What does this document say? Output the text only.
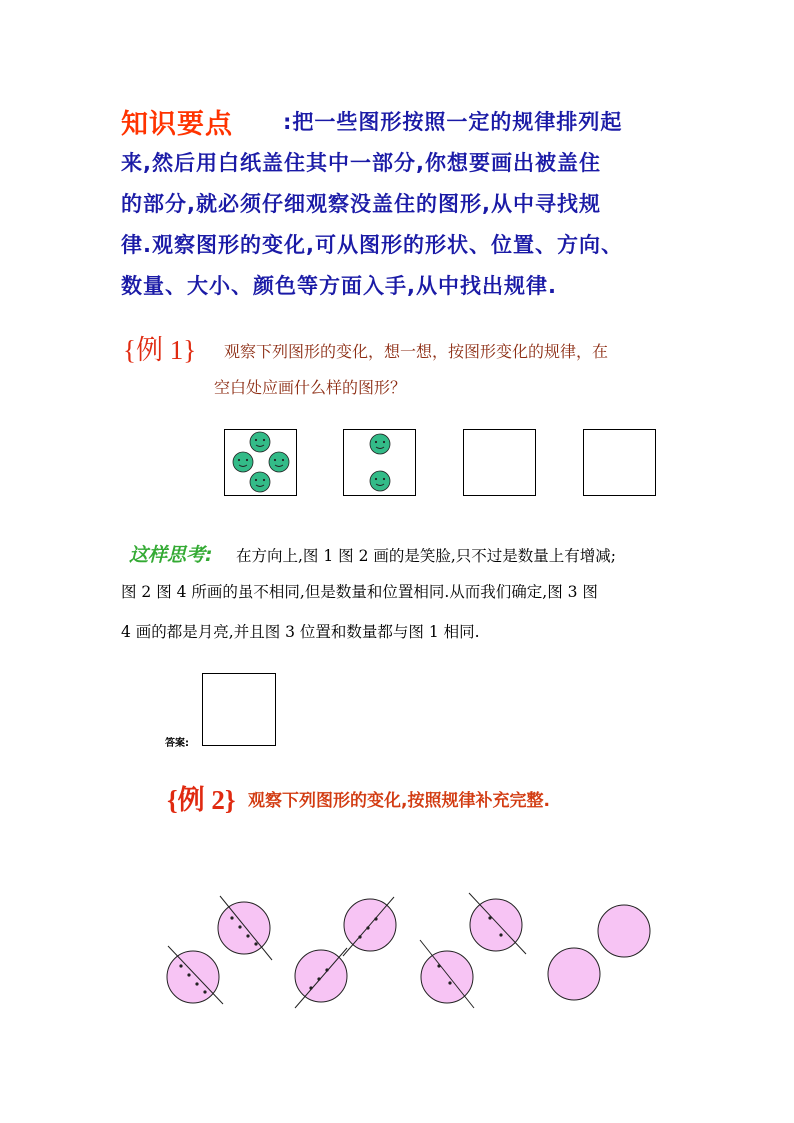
知识要点 :把一些图形按照一定的规律排列起
来,然后用白纸盖住其中一部分,你想要画出被盖住
的部分,就必须仔细观察没盖住的图形,从中寻找规
律.观察图形的变化,可从图形的形状、位置、方向、
数量、大小、颜色等方面入手,从中找出规律.
{例 1} 观察下列图形的变化，想一想，按图形变化的规律，在
空白处应画什么样的图形？
这样思考: 在方向上,图 1 图 2 画的是笑脸,只不过是数量上有增减;
图 2 图 4 所画的虽不相同,但是数量和位置相同.从而我们确定,图 3 图
4 画的都是月亮,并且图 3 位置和数量都与图 1 相同.
答案:
{例 2} 观察下列图形的变化,按照规律补充完整.
